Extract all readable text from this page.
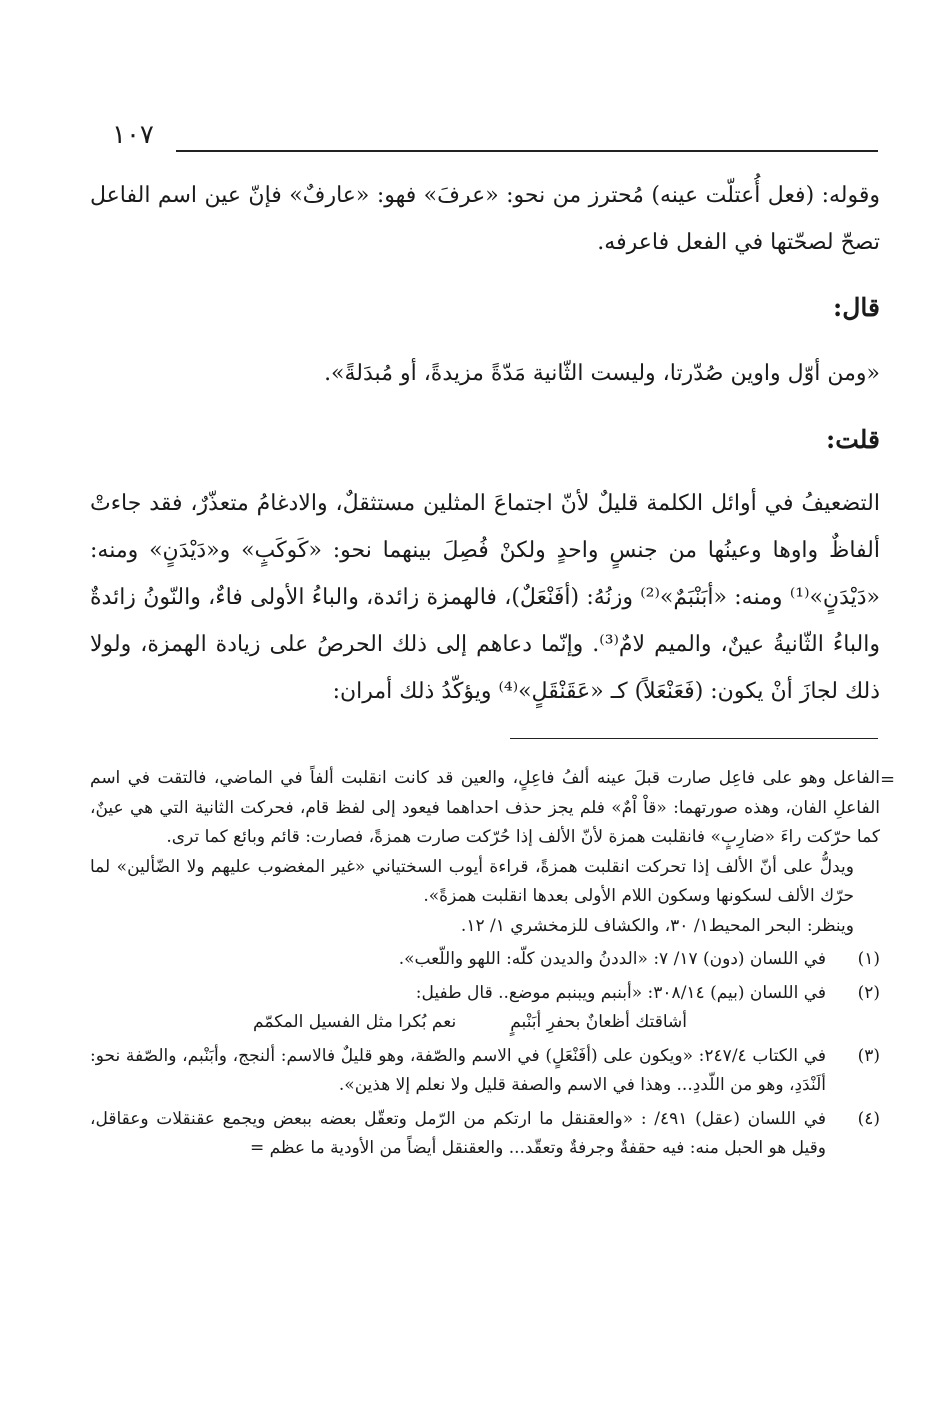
١٠٧

وقوله: (فعل أُعتلّت عينه) مُحترز من نحو: «عرفَ» فهو: «عارفٌ» فإنّ عين اسم الفاعل تصحّ لصحّتها في الفعل فاعرفه.

قال:

«ومن أوّل واوين صُدّرتا، وليست الثّانية مَدّةً مزيدةً، أو مُبدَلةً».

قلت:

التضعيفُ في أوائل الكلمة قليلٌ لأنّ اجتماعَ المثلين مستثقلٌ، والادغامُ متعذّرٌ، فقد جاءتْ ألفاظٌ واوها وعينُها من جنسٍ واحدٍ ولكنْ فُصِلَ بينهما نحو: «كَوكَبٍ» و«دَيْدَنٍ» ومنه: «دَيْدَنٍ»⁽¹⁾ ومنه: «أبَنْبَمٌ»⁽²⁾ وزنُهُ: (أفَنْعَلٌ)، فالهمزة زائدة، والباءُ الأولى فاءٌ، والنّونُ زائدةٌ والباءُ الثّانيةُ عينٌ، والميم لامٌ⁽³⁾. وإنّما دعاهم إلى ذلك الحرصُ على زيادة الهمزة، ولولا ذلك لجازَ أنْ يكون: (فَعَنْعَلاً) كـ «عَقَنْقَلٍ»⁽⁴⁾ ويؤكّدُ ذلك أمران:

=

الفاعل وهو على فاعِل صارت قبلَ عينه ألفُ فاعِلٍ، والعين قد كانت انقلبت ألفاً في الماضي، فالتقت في اسم الفاعلِ الفان، وهذه صورتهما: «قاْ اْمٌ» فلم يجز حذف احداهما فيعود إلى لفظ قام، فحركت الثانية التي هي عينٌ، كما حرّكت راءَ «ضارِبٍ» فانقلبت همزة لأنّ الألف إذا حُرّكت صارت همزةً، فصارت: قائم وبائع كما ترى.

ويدلُّ على أنّ الألف إذا تحركت انقلبت همزةً، قراءة أيوب السختياني «غير المغضوب عليهم ولا الضّألين» لما حرّك الألف لسكونها وسكون اللام الأولى بعدها انقلبت همزةً».

وينظر: البحر المحيط١/ ٣٠، والكشاف للزمخشري ١/ ١٢.

(١)
في اللسان (دون) ١٧/ ٧: «الددنُ والديدن كلّه: اللهو واللّعب».

(٢)
في اللسان (بيم) ٣٠٨/١٤: «أبنبم ويبنبم موضع.. قال طفيل:

أشاقتك أظعانٌ بحفرِ أبَنْبمٍ
نعم بُكرا مثل الفسيل المكمّم

(٣)
في الكتاب ٢٤٧/٤: «ويكون على (أفَنْعَلٍ) في الاسم والصّفة، وهو قليلٌ فالاسم: ألنجج، وأبَنْبم، والصّفة نحو: ألَنْدَدِ، وهو من اللّددِ... وهذا في الاسم والصفة قليل ولا نعلم إلا هذين».

(٤)
في اللسان (عقل) ٤٩١/ : «والعقنقل ما ارتكم من الرّمل وتعقّل بعضه ببعض ويجمع عقنقلات وعقاقل، وقيل هو الحبل منه: فيه حقفةٌ وجرفةٌ وتعقّد... والعقنقل أيضاً من الأودية ما عظم =
